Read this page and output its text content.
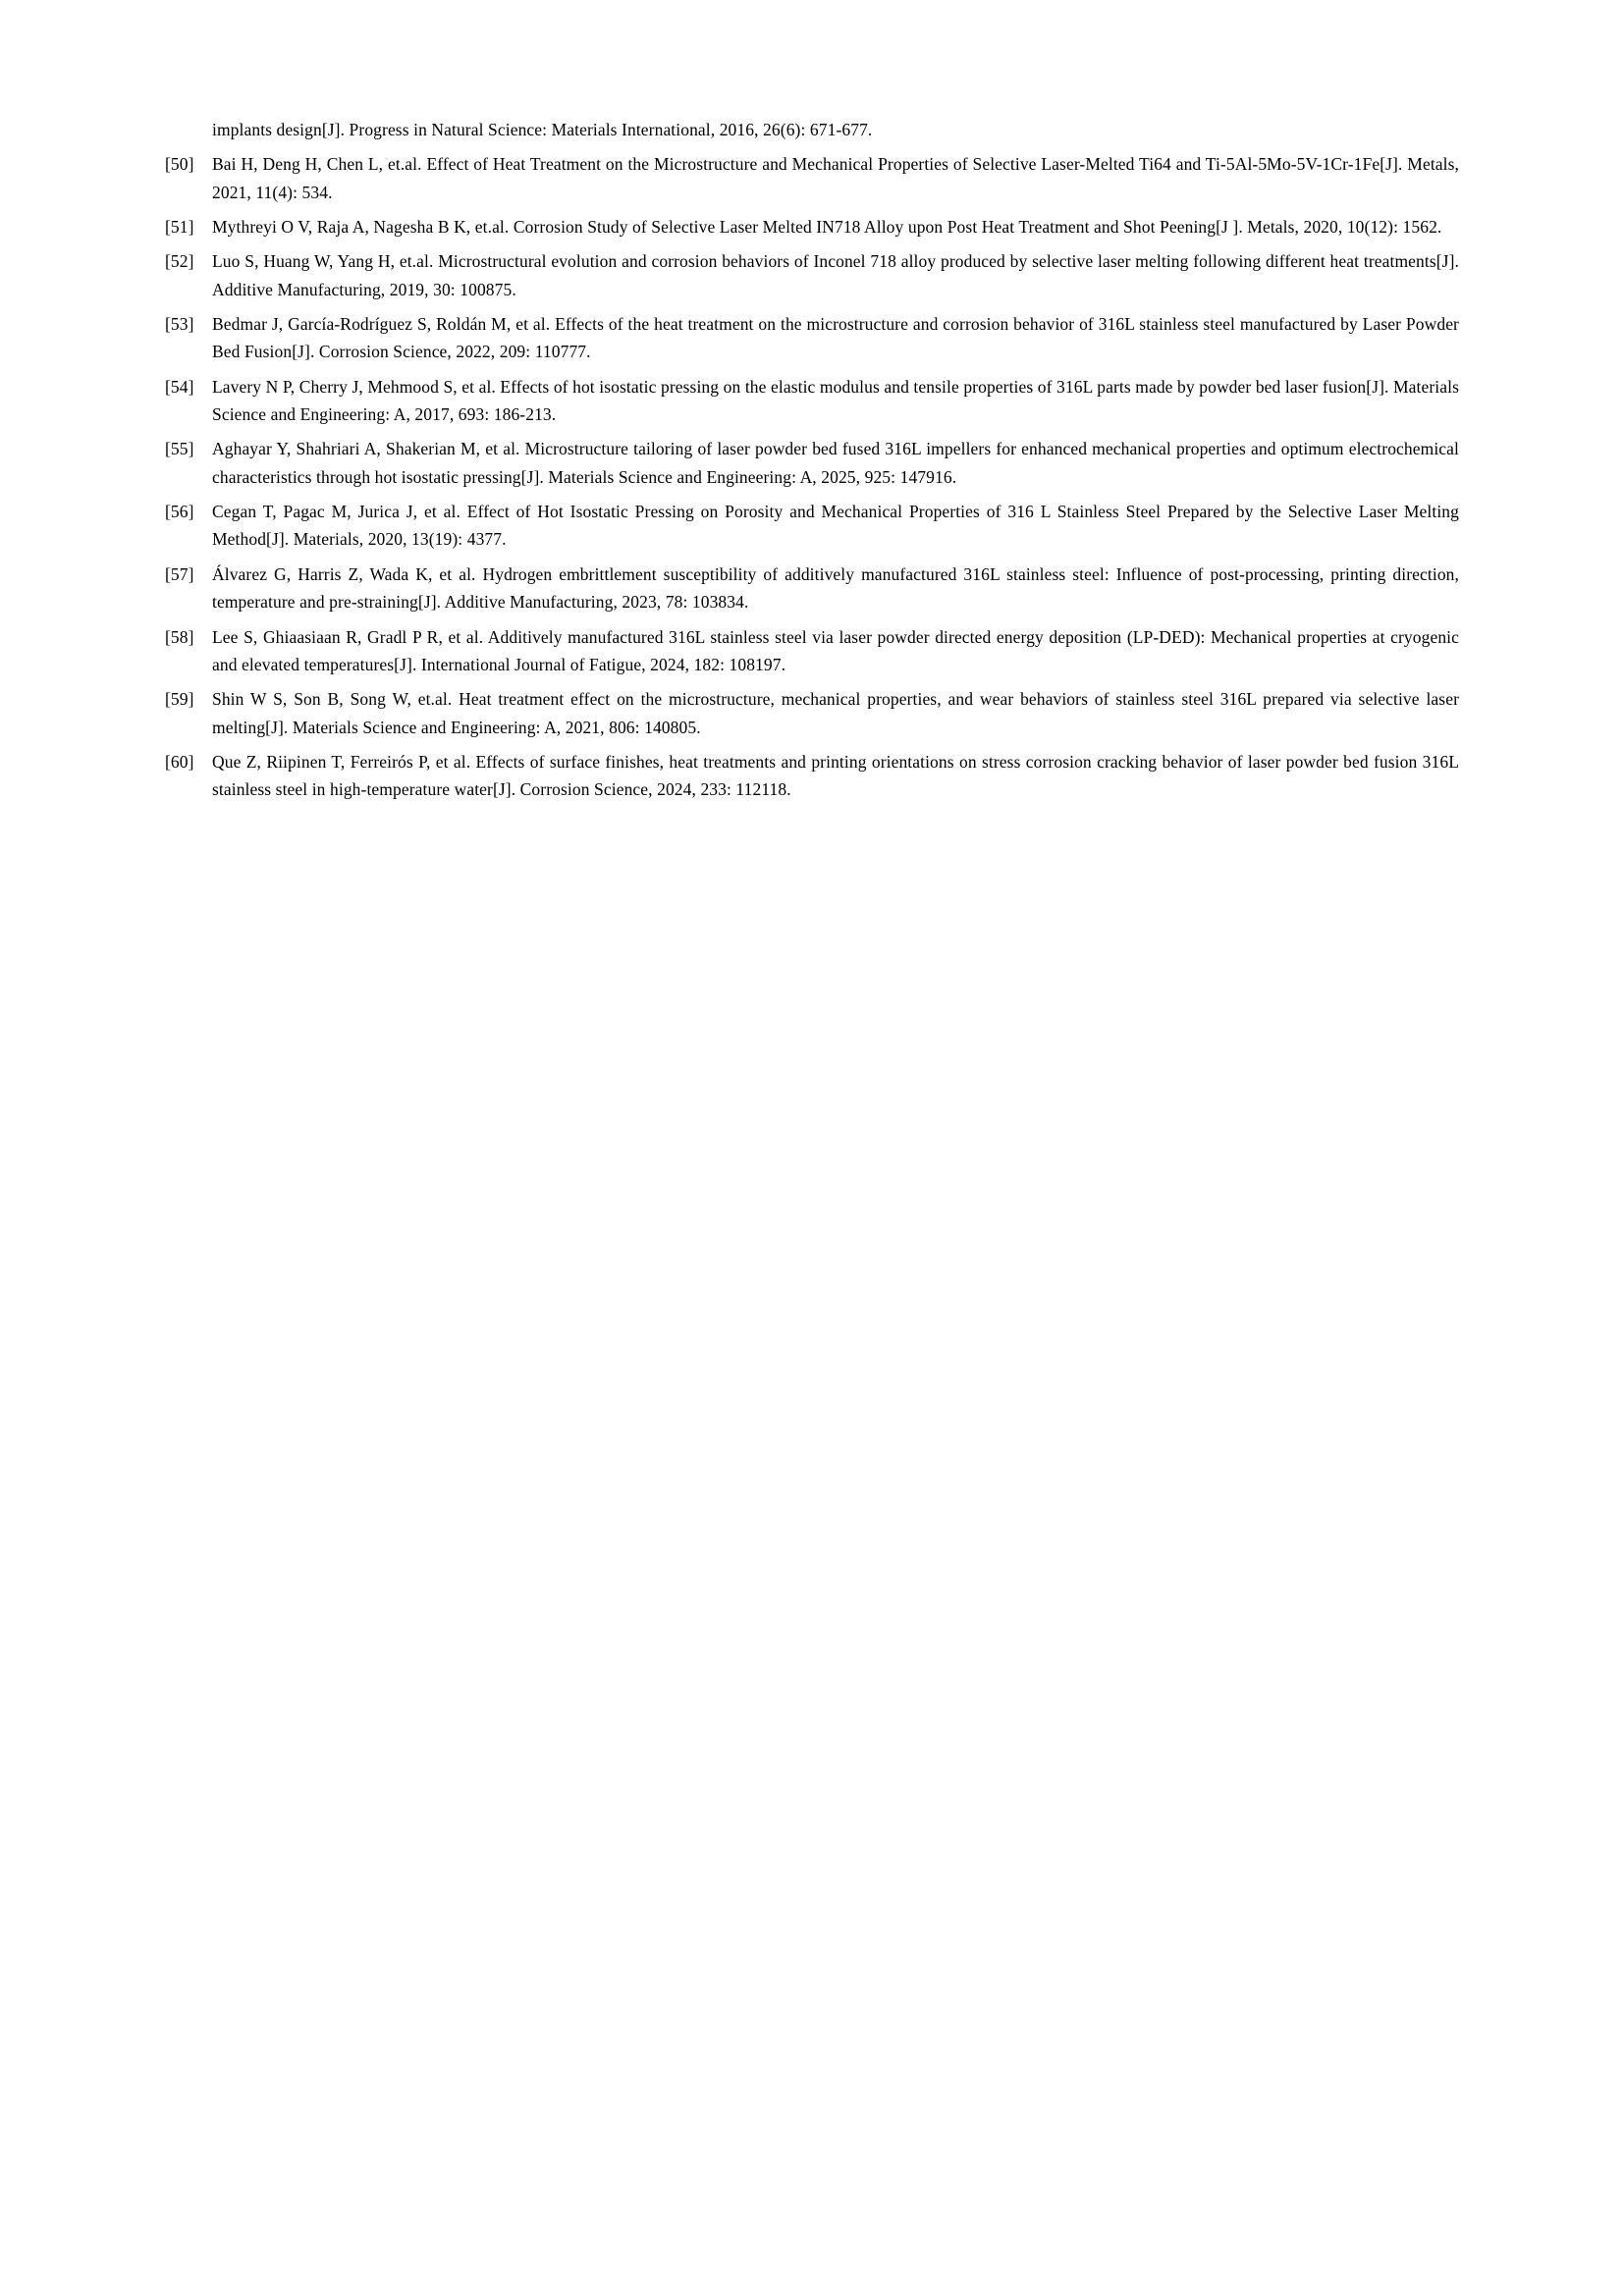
implants design[J]. Progress in Natural Science: Materials International, 2016, 26(6): 671-677.

[50]	Bai H, Deng H, Chen L, et.al. Effect of Heat Treatment on the Microstructure and Mechanical Properties of Selective Laser-Melted Ti64 and Ti-5Al-5Mo-5V-1Cr-1Fe[J]. Metals, 2021, 11(4): 534.
[51]	Mythreyi O V, Raja A, Nagesha B K, et.al. Corrosion Study of Selective Laser Melted IN718 Alloy upon Post Heat Treatment and Shot Peening[J ]. Metals, 2020, 10(12): 1562.
[52]	Luo S, Huang W, Yang H, et.al. Microstructural evolution and corrosion behaviors of Inconel 718 alloy produced by selective laser melting following different heat treatments[J]. Additive Manufacturing, 2019, 30: 100875.
[53]	Bedmar J, García-Rodríguez S, Roldán M, et al. Effects of the heat treatment on the microstructure and corrosion behavior of 316L stainless steel manufactured by Laser Powder Bed Fusion[J]. Corrosion Science, 2022, 209: 110777.
[54]	Lavery N P, Cherry J, Mehmood S, et al. Effects of hot isostatic pressing on the elastic modulus and tensile properties of 316L parts made by powder bed laser fusion[J]. Materials Science and Engineering: A, 2017, 693: 186-213.
[55]	Aghayar Y, Shahriari A, Shakerian M, et al. Microstructure tailoring of laser powder bed fused 316L impellers for enhanced mechanical properties and optimum electrochemical characteristics through hot isostatic pressing[J]. Materials Science and Engineering: A, 2025, 925: 147916.
[56]	Cegan T, Pagac M, Jurica J, et al. Effect of Hot Isostatic Pressing on Porosity and Mechanical Properties of 316 L Stainless Steel Prepared by the Selective Laser Melting Method[J]. Materials, 2020, 13(19): 4377.
[57]	Álvarez G, Harris Z, Wada K, et al. Hydrogen embrittlement susceptibility of additively manufactured 316L stainless steel: Influence of post-processing, printing direction, temperature and pre-straining[J]. Additive Manufacturing, 2023, 78: 103834.
[58]	Lee S, Ghiaasiaan R, Gradl P R, et al. Additively manufactured 316L stainless steel via laser powder directed energy deposition (LP-DED): Mechanical properties at cryogenic and elevated temperatures[J]. International Journal of Fatigue, 2024, 182: 108197.
[59]	Shin W S, Son B, Song W, et.al. Heat treatment effect on the microstructure, mechanical properties, and wear behaviors of stainless steel 316L prepared via selective laser melting[J]. Materials Science and Engineering: A, 2021, 806: 140805.
[60]	Que Z, Riipinen T, Ferreirós P, et al. Effects of surface finishes, heat treatments and printing orientations on stress corrosion cracking behavior of laser powder bed fusion 316L stainless steel in high-temperature water[J]. Corrosion Science, 2024, 233: 112118.
